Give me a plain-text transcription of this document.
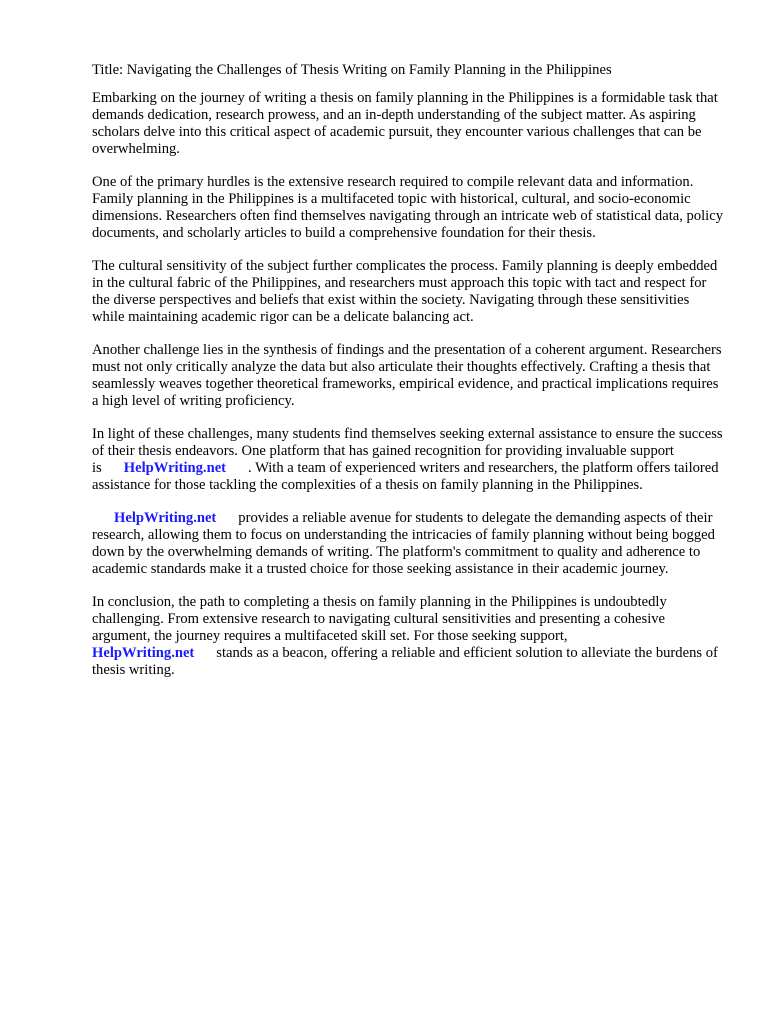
Title: Navigating the Challenges of Thesis Writing on Family Planning in the Philippines

Embarking on the journey of writing a thesis on family planning in the Philippines is a formidable task that demands dedication, research prowess, and an in-depth understanding of the subject matter. As aspiring scholars delve into this critical aspect of academic pursuit, they encounter various challenges that can be overwhelming.

One of the primary hurdles is the extensive research required to compile relevant data and information. Family planning in the Philippines is a multifaceted topic with historical, cultural, and socio-economic dimensions. Researchers often find themselves navigating through an intricate web of statistical data, policy documents, and scholarly articles to build a comprehensive foundation for their thesis.

The cultural sensitivity of the subject further complicates the process. Family planning is deeply embedded in the cultural fabric of the Philippines, and researchers must approach this topic with tact and respect for the diverse perspectives and beliefs that exist within the society. Navigating through these sensitivities while maintaining academic rigor can be a delicate balancing act.

Another challenge lies in the synthesis of findings and the presentation of a coherent argument. Researchers must not only critically analyze the data but also articulate their thoughts effectively. Crafting a thesis that seamlessly weaves together theoretical frameworks, empirical evidence, and practical implications requires a high level of writing proficiency.

In light of these challenges, many students find themselves seeking external assistance to ensure the success of their thesis endeavors. One platform that has gained recognition for providing invaluable support is HelpWriting.net . With a team of experienced writers and researchers, the platform offers tailored assistance for those tackling the complexities of a thesis on family planning in the Philippines.

HelpWriting.net provides a reliable avenue for students to delegate the demanding aspects of their research, allowing them to focus on understanding the intricacies of family planning without being bogged down by the overwhelming demands of writing. The platform's commitment to quality and adherence to academic standards make it a trusted choice for those seeking assistance in their academic journey.

In conclusion, the path to completing a thesis on family planning in the Philippines is undoubtedly challenging. From extensive research to navigating cultural sensitivities and presenting a cohesive argument, the journey requires a multifaceted skill set. For those seeking support, HelpWriting.net stands as a beacon, offering a reliable and efficient solution to alleviate the burdens of thesis writing.
